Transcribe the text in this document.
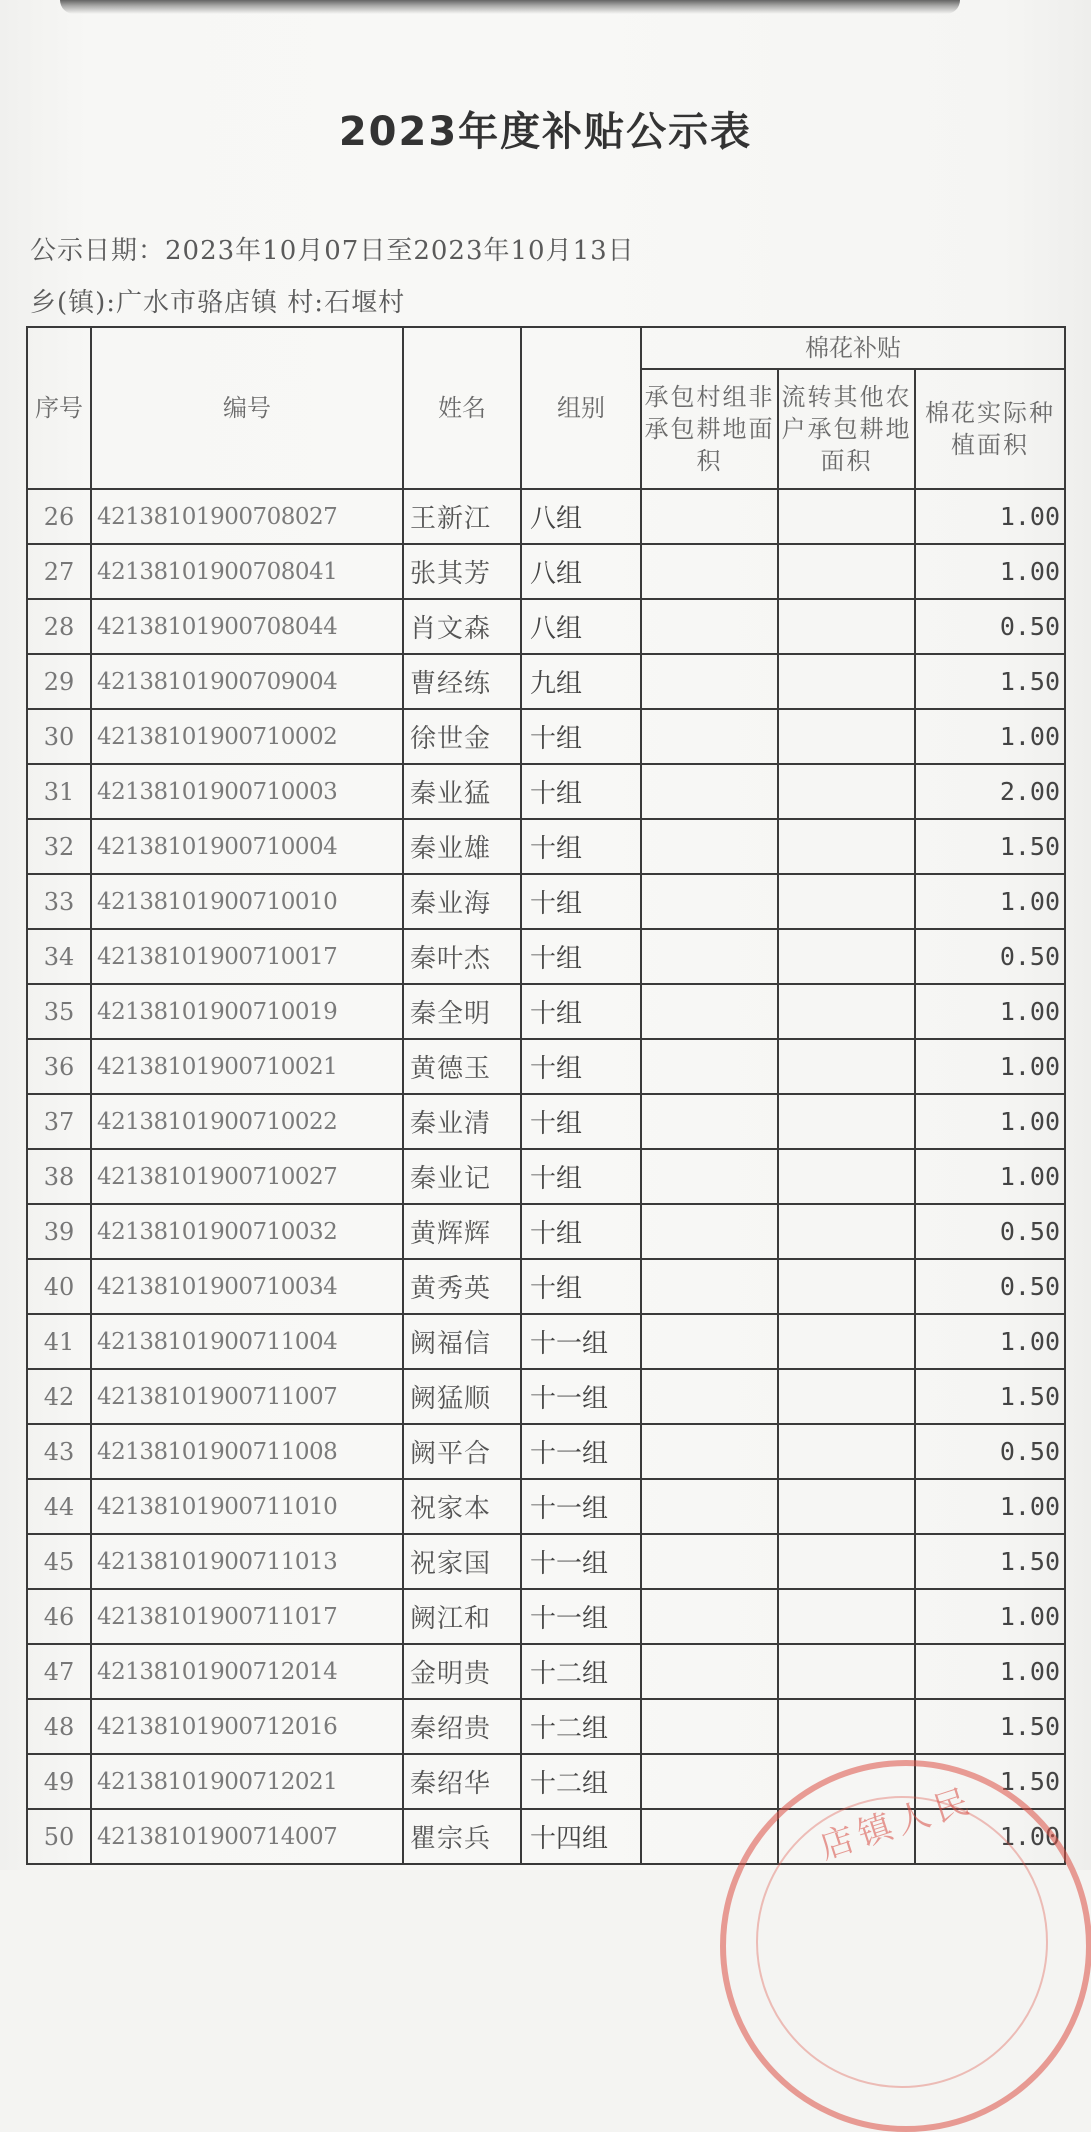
2023年度补贴公示表
公示日期：2023年10月07日至2023年10月13日
乡(镇):广水市骆店镇 村:石堰村
序号	编号	姓名	组别	棉花补贴		
				承包村组非承包耕地面积	流转其他农户承包耕地面积	棉花实际种植面积
26	421381019007080​27	王新江	八组			1.00
27	42138101900708041	张其芳	八组			1.00
28	42138101900708044	肖文森	八组			0.50
29	42138101900709004	曹经练	九组			1.50
30	42138101900710002	徐世金	十组			1.00
31	42138101900710003	秦业猛	十组			2.00
32	42138101900710004	秦业雄	十组			1.50
33	42138101900710010	秦业海	十组			1.00
34	42138101900710017	秦叶杰	十组			0.50
35	42138101900710019	秦全明	十组			1.00
36	42138101900710021	黄德玉	十组			1.00
37	42138101900710022	秦业清	十组			1.00
38	42138101900710027	秦业记	十组			1.00
39	42138101900710032	黄辉辉	十组			0.50
40	42138101900710034	黄秀英	十组			0.50
41	42138101900711004	阙福信	十一组			1.00
42	42138101900711007	阙猛顺	十一组			1.50
43	42138101900711008	阙平合	十一组			0.50
44	42138101900711010	祝家本	十一组			1.00
45	42138101900711013	祝家国	十一组			1.50
46	42138101900711017	阙江和	十一组			1.00
47	42138101900712014	金明贵	十二组			1.00
48	42138101900712016	秦绍贵	十二组			1.50
49	42138101900712021	秦绍华	十二组			1.50
50	42138101900714007	瞿宗兵	十四组			1.00
店镇人民
